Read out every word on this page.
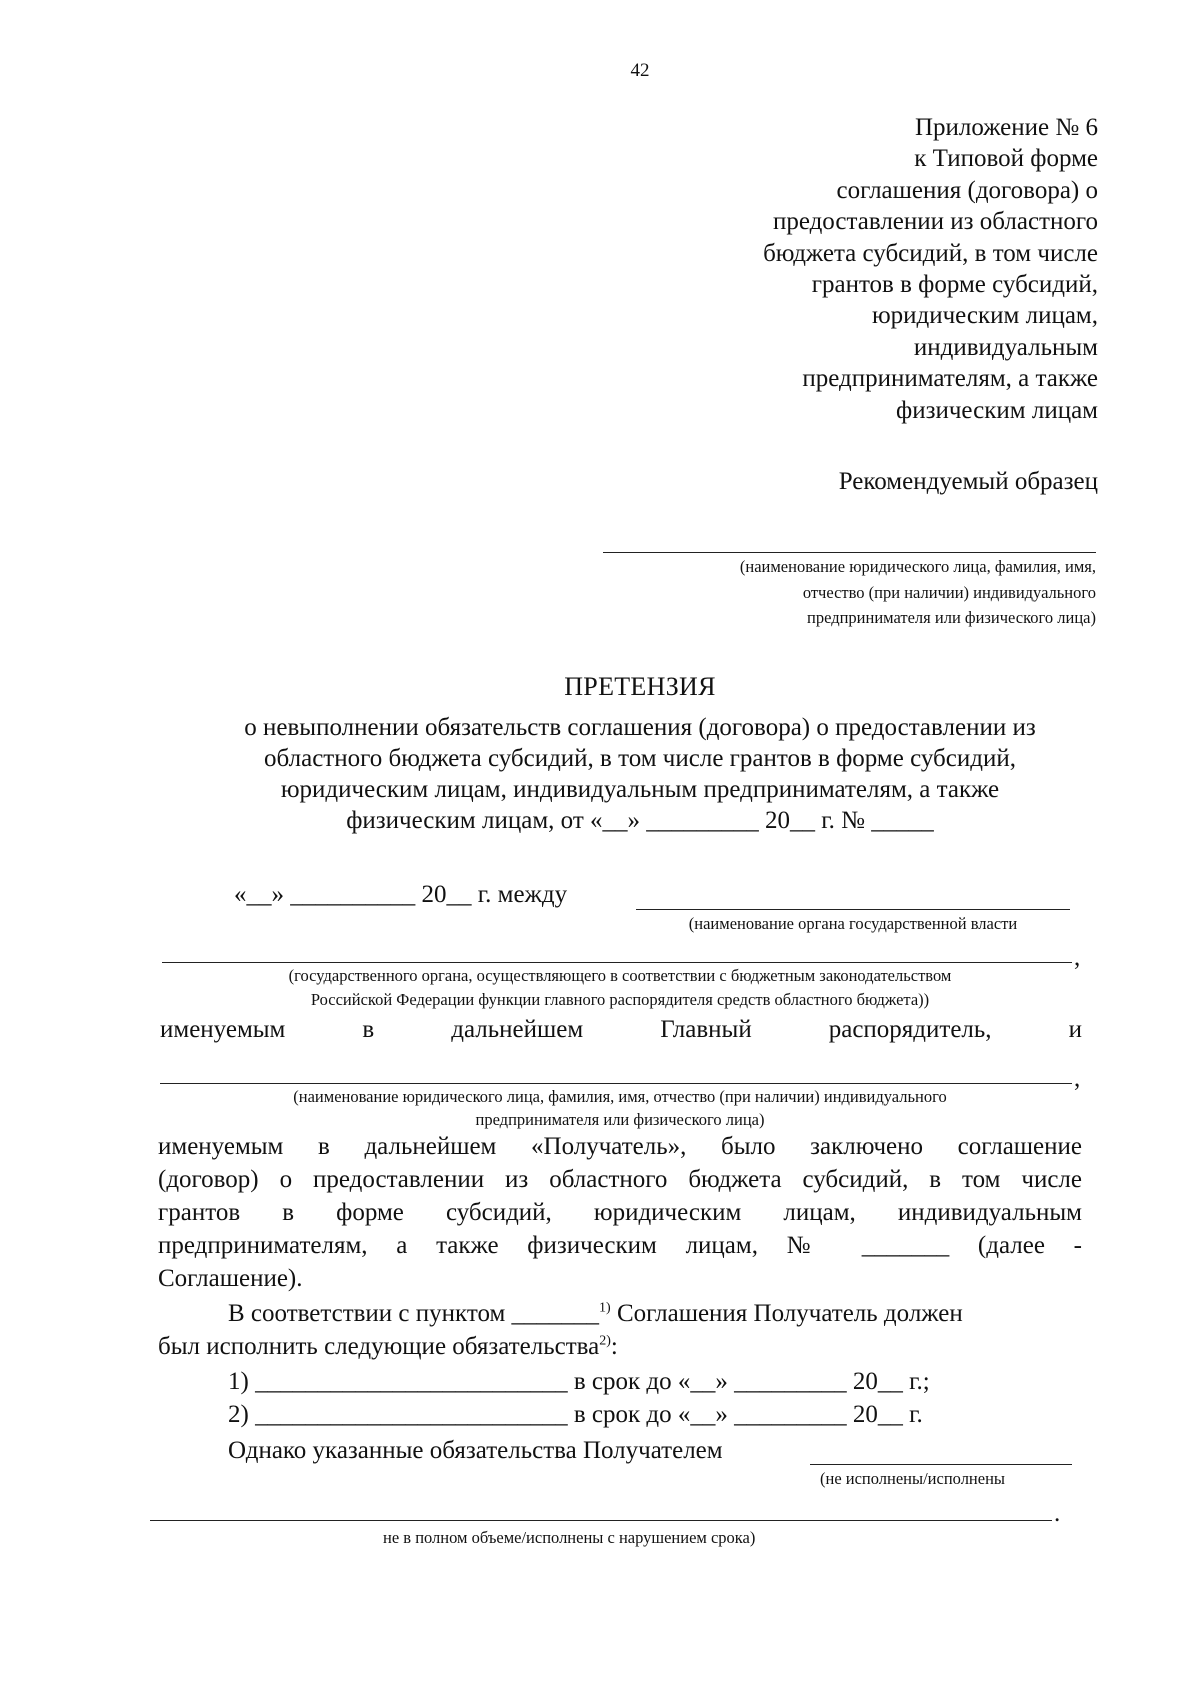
42
Приложение № 6
к Типовой форме
соглашения (договора) о
предоставлении из областного
бюджета субсидий, в том числе
грантов в форме субсидий,
юридическим лицам,
индивидуальным
предпринимателям, а также
физическим лицам
Рекомендуемый образец
(наименование юридического лица, фамилия, имя,
отчество (при наличии) индивидуального
предпринимателя или физического лица)
ПРЕТЕНЗИЯ
о невыполнении обязательств соглашения (договора) о предоставлении из
областного бюджета субсидий, в том числе грантов в форме субсидий,
юридическим лицам, индивидуальным предпринимателям, а также
физическим лицам, от «__» _________ 20__ г. № _____
«__» __________ 20__ г. между
(наименование органа государственной власти
,
(государственного органа, осуществляющего в соответствии с бюджетным законодательством
Российской Федерации функции главного распорядителя средств областного бюджета))
именуемым	в	дальнейшем	Главный	распорядитель,	и
,
(наименование юридического лица, фамилия, имя, отчество (при наличии) индивидуального
предпринимателя или физического лица)
именуемым в дальнейшем «Получатель», было заключено соглашение
(договор) о предоставлении из областного бюджета субсидий, в том числе
грантов в форме субсидий, юридическим лицам, индивидуальным
предпринимателям, а также физическим лицам, № _______ (далее -
Соглашение).
В соответствии с пунктом _______$^{1)}$ Соглашения Получатель должен
был исполнить следующие обязательства$^{2)}$:
1) _________________________ в срок до «__» _________ 20__ г.;
2) _________________________ в срок до «__» _________ 20__ г.
Однако указанные обязательства Получателем
(не исполнены/исполнены
.
не в полном объеме/исполнены с нарушением срока)
